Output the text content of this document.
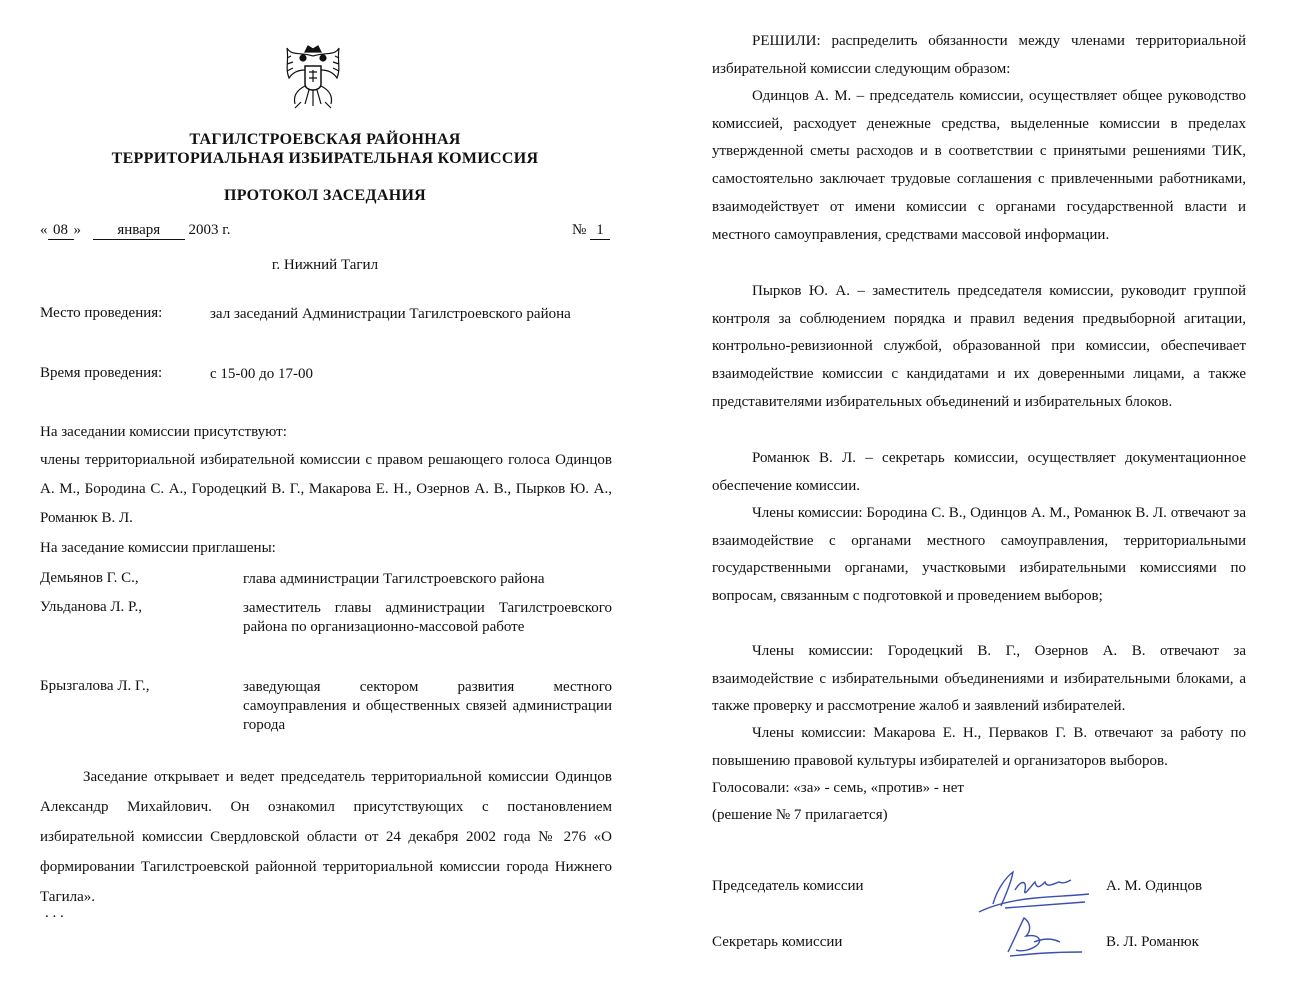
ТАГИЛСТРОЕВСКАЯ РАЙОННАЯ
ТЕРРИТОРИАЛЬНАЯ ИЗБИРАТЕЛЬНАЯ КОМИССИЯ
ПРОТОКОЛ ЗАСЕДАНИЯ
« 08 » января 2003 г.	№ 1
г. Нижний Тагил
Место проведения:	зал заседаний Администрации Тагилстроевского района
Время проведения:	с 15-00 до 17-00
На заседании комиссии присутствуют:
члены территориальной избирательной комиссии с правом решающего голоса Одинцов А. М., Бородина С. А., Городецкий В. Г., Макарова Е. Н., Озернов А. В., Пырков Ю. А., Романюк В. Л.
На заседание комиссии приглашены:
Демьянов Г. С.,	глава администрации Тагилстроевского района
Ульданова Л. Р.,	заместитель главы администрации Тагилстроевского района по организационно-массовой работе
Брызгалова Л. Г.,	заведующая сектором развития местного самоуправления и общественных связей администрации города
Заседание открывает и ведет председатель территориальной комиссии Одинцов Александр Михайлович. Он ознакомил присутствующих с постановлением избирательной комиссии Свердловской области от 24 декабря 2002 года № 276 «О формировании Тагилстроевской районной территориальной комиссии города Нижнего Тагила».
. . .
РЕШИЛИ: распределить обязанности между членами территориальной избирательной комиссии следующим образом:
Одинцов А. М. – председатель комиссии, осуществляет общее руководство комиссией, расходует денежные средства, выделенные комиссии в пределах утвержденной сметы расходов и в соответствии с принятыми решениями ТИК, самостоятельно заключает трудовые соглашения с привлеченными работниками, взаимодействует от имени комиссии с органами государственной власти и местного самоуправления, средствами массовой информации.
Пырков Ю. А. – заместитель председателя комиссии, руководит группой контроля за соблюдением порядка и правил ведения предвыборной агитации, контрольно-ревизионной службой, образованной при комиссии, обеспечивает взаимодействие комиссии с кандидатами и их доверенными лицами, а также представителями избирательных объединений и избирательных блоков.
Романюк В. Л. – секретарь комиссии, осуществляет документационное обеспечение комиссии.
Члены комиссии: Бородина С. В., Одинцов А. М., Романюк В. Л. отвечают за взаимодействие с органами местного самоуправления, территориальными государственными органами, участковыми избирательными комиссиями по вопросам, связанным с подготовкой и проведением выборов;
Члены комиссии: Городецкий В. Г., Озернов А. В. отвечают за взаимодействие с избирательными объединениями и избирательными блоками, а также проверку и рассмотрение жалоб и заявлений избирателей.
Члены комиссии: Макарова Е. Н., Перваков Г. В. отвечают за работу по повышению правовой культуры избирателей и организаторов выборов.
Голосовали: «за» - семь, «против» - нет
(решение № 7 прилагается)
Председатель комиссии	А. М. Одинцов
Секретарь комиссии	В. Л. Романюк
